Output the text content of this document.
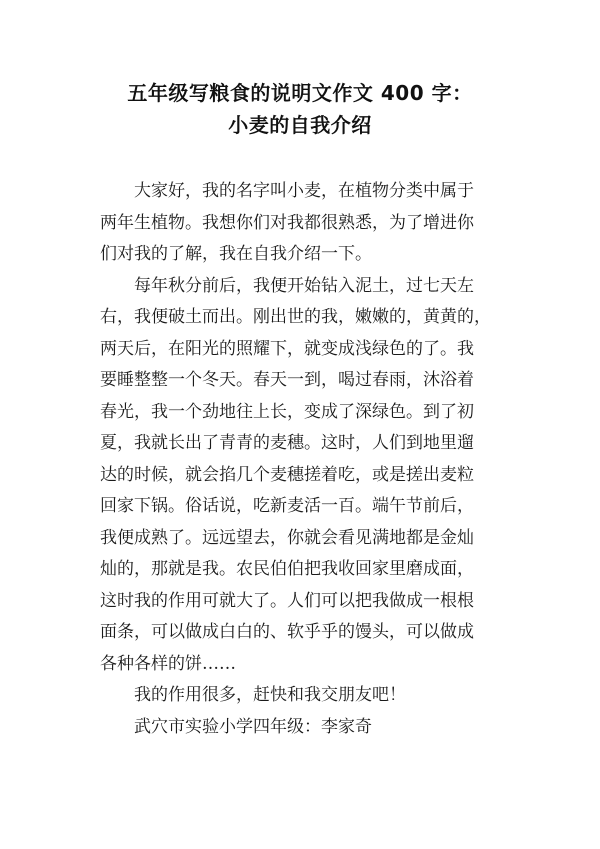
五年级写粮食的说明文作文 400 字：
小麦的自我介绍
　　大家好，我的名字叫小麦，在植物分类中属于
两年生植物。我想你们对我都很熟悉，为了增进你
们对我的了解，我在自我介绍一下。
　　每年秋分前后，我便开始钻入泥土，过七天左
右，我便破土而出。刚出世的我，嫩嫩的，黄黄的，
两天后，在阳光的照耀下，就变成浅绿色的了。我
要睡整整一个冬天。春天一到，喝过春雨，沐浴着
春光，我一个劲地往上长，变成了深绿色。到了初
夏，我就长出了青青的麦穗。这时，人们到地里遛
达的时候，就会掐几个麦穗搓着吃，或是搓出麦粒
回家下锅。俗话说，吃新麦活一百。端午节前后，
我便成熟了。远远望去，你就会看见满地都是金灿
灿的，那就是我。农民伯伯把我收回家里磨成面，
这时我的作用可就大了。人们可以把我做成一根根
面条，可以做成白白的、软乎乎的馒头，可以做成
各种各样的饼……
　　我的作用很多，赶快和我交朋友吧！
　　武穴市实验小学四年级：李家奇
